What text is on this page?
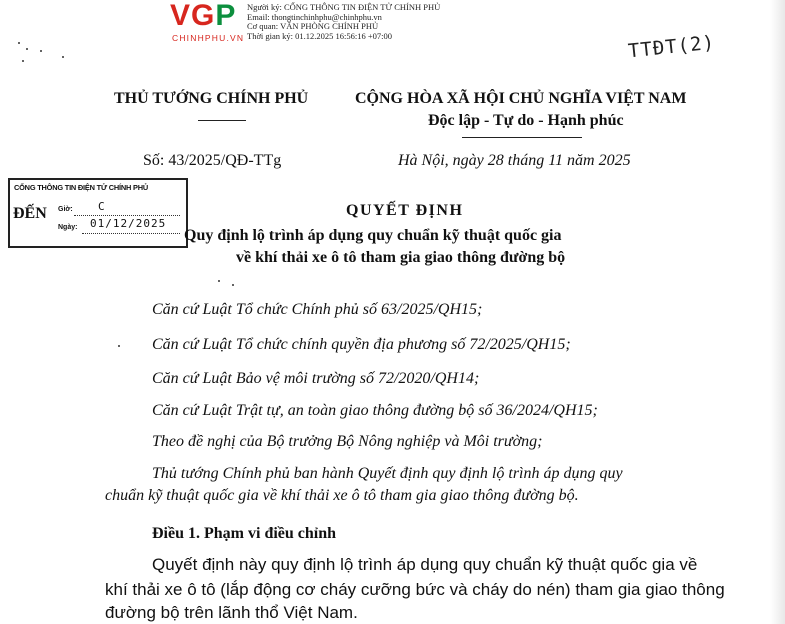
VGP
CHINHPHU.VN
Người ký: CỔNG THÔNG TIN ĐIỆN TỬ CHÍNH PHỦ
Email: thongtinchinhphu@chinhphu.vn
Cơ quan: VĂN PHÒNG CHÍNH PHỦ
Thời gian ký: 01.12.2025 16:56:16 +07:00	TTĐT(2)
THỦ TƯỚNG CHÍNH PHỦ	CỘNG HÒA XÃ HỘI CHỦ NGHĨA VIỆT NAM
Độc lập - Tự do - Hạnh phúc
Số: 43/2025/QĐ-TTg	Hà Nội, ngày 28 tháng 11 năm 2025
CỔNG THÔNG TIN ĐIỆN TỬ CHÍNH PHỦ
ĐẾN Giờ: C
Ngày: 01/12/2025
QUYẾT ĐỊNH
Quy định lộ trình áp dụng quy chuẩn kỹ thuật quốc gia
về khí thải xe ô tô tham gia giao thông đường bộ
Căn cứ Luật Tổ chức Chính phủ số 63/2025/QH15;
Căn cứ Luật Tổ chức chính quyền địa phương số 72/2025/QH15;
Căn cứ Luật Bảo vệ môi trường số 72/2020/QH14;
Căn cứ Luật Trật tự, an toàn giao thông đường bộ số 36/2024/QH15;
Theo đề nghị của Bộ trưởng Bộ Nông nghiệp và Môi trường;
Thủ tướng Chính phủ ban hành Quyết định quy định lộ trình áp dụng quy
chuẩn kỹ thuật quốc gia về khí thải xe ô tô tham gia giao thông đường bộ.
Điều 1. Phạm vi điều chỉnh
Quyết định này quy định lộ trình áp dụng quy chuẩn kỹ thuật quốc gia về
khí thải xe ô tô (lắp động cơ cháy cưỡng bức và cháy do nén) tham gia giao thông
đường bộ trên lãnh thổ Việt Nam.
